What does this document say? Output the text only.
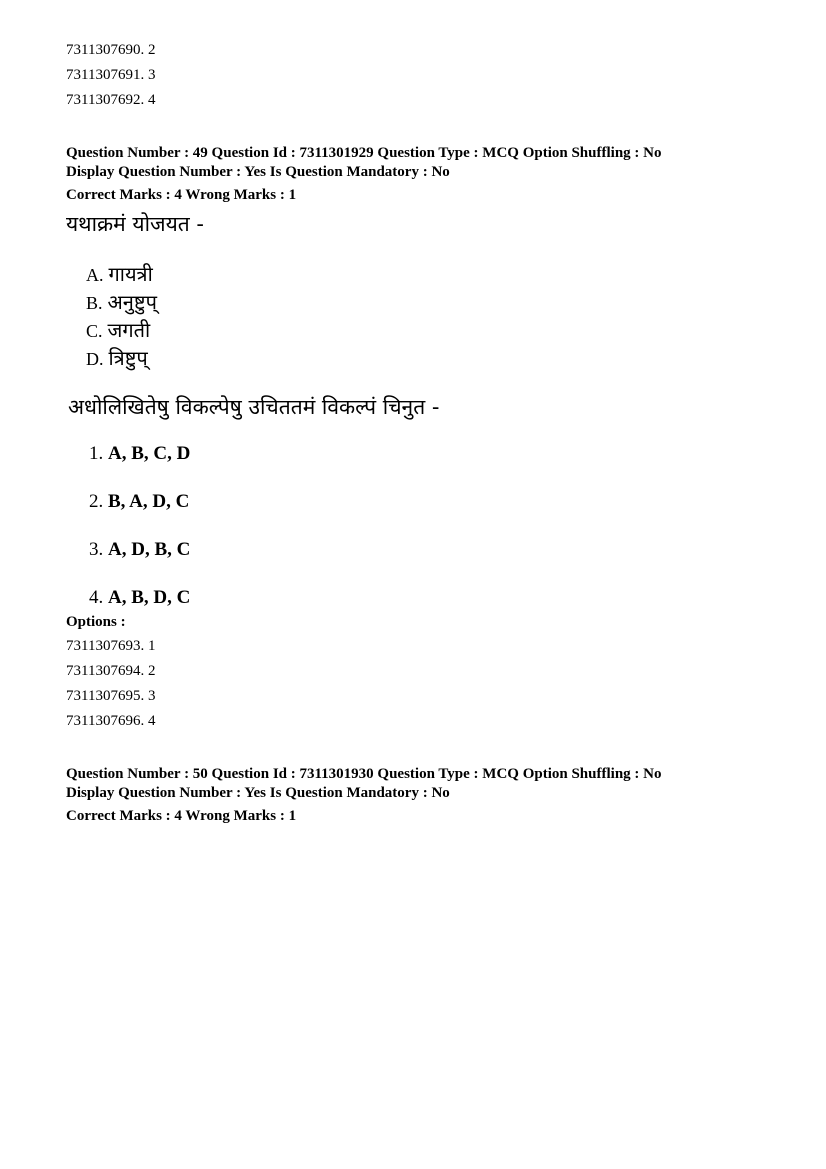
7311307690. 2
7311307691. 3
7311307692. 4
Question Number : 49 Question Id : 7311301929 Question Type : MCQ Option Shuffling : No
Display Question Number : Yes Is Question Mandatory : No
Correct Marks : 4 Wrong Marks : 1
यथाक्रमं योजयत -
A. गायत्री
B. अनुष्टुप्
C. जगती
D. त्रिष्टुप्
अधोलिखितेषु विकल्पेषु उचिततमं विकल्पं चिनुत -
1. A, B, C, D
2. B, A, D, C
3. A, D, B, C
4. A, B, D, C
Options :
7311307693. 1
7311307694. 2
7311307695. 3
7311307696. 4
Question Number : 50 Question Id : 7311301930 Question Type : MCQ Option Shuffling : No
Display Question Number : Yes Is Question Mandatory : No
Correct Marks : 4 Wrong Marks : 1
